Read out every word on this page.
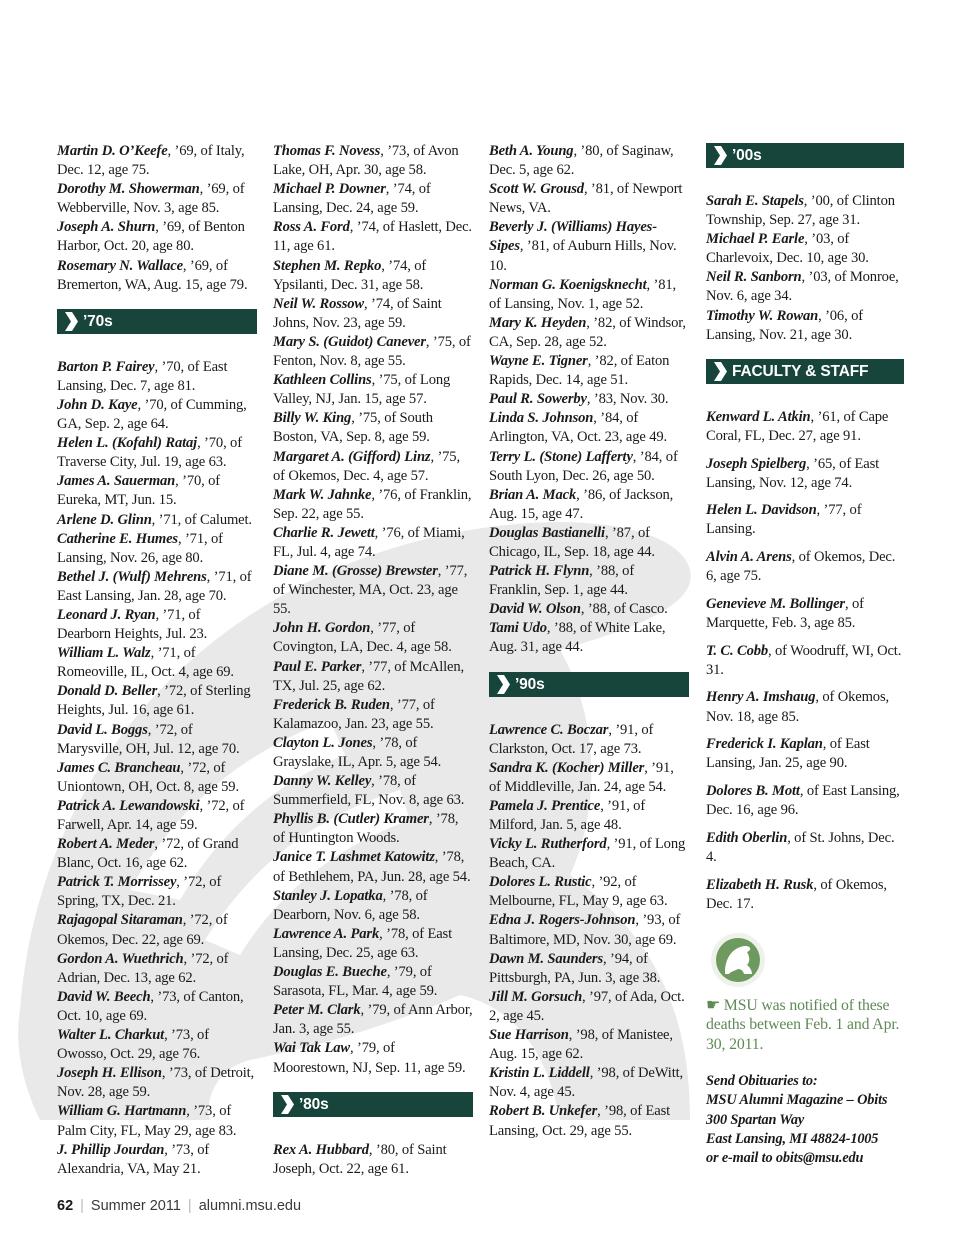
Martin D. O’Keefe, ’69, of Italy, Dec. 12, age 75.

Dorothy M. Showerman, ’69, of Webberville, Nov. 3, age 85.

Joseph A. Shurn, ’69, of Benton Harbor, Oct. 20, age 80.

Rosemary N. Wallace, ’69, of Bremerton, WA, Aug. 15, age 79.

’70s

Barton P. Fairey, ’70, of East Lansing, Dec. 7, age 81.

John D. Kaye, ’70, of Cumming, GA, Sep. 2, age 64.

Helen L. (Kofahl) Rataj, ’70, of Traverse City, Jul. 19, age 63.

James A. Sauerman, ’70, of Eureka, MT, Jun. 15.

Arlene D. Glinn, ’71, of Calumet.

Catherine E. Humes, ’71, of Lansing, Nov. 26, age 80.

Bethel J. (Wulf) Mehrens, ’71, of East Lansing, Jan. 28, age 70.

Leonard J. Ryan, ’71, of Dearborn Heights, Jul. 23.

William L. Walz, ’71, of Romeoville, IL, Oct. 4, age 69.

Donald D. Beller, ’72, of Sterling Heights, Jul. 16, age 61.

David L. Boggs, ’72, of Marysville, OH, Jul. 12, age 70.

James C. Brancheau, ’72, of Uniontown, OH, Oct. 8, age 59.

Patrick A. Lewandowski, ’72, of Farwell, Apr. 14, age 59.

Robert A. Meder, ’72, of Grand Blanc, Oct. 16, age 62.

Patrick T. Morrissey, ’72, of Spring, TX, Dec. 21.

Rajagopal Sitaraman, ’72, of Okemos, Dec. 22, age 69.

Gordon A. Wuethrich, ’72, of Adrian, Dec. 13, age 62.

David W. Beech, ’73, of Canton, Oct. 10, age 69.

Walter L. Charkut, ’73, of Owosso, Oct. 29, age 76.

Joseph H. Ellison, ’73, of Detroit, Nov. 28, age 59.

William G. Hartmann, ’73, of Palm City, FL, May 29, age 83.

J. Phillip Jourdan, ’73, of Alexandria, VA, May 21.

Thomas F. Novess, ’73, of Avon Lake, OH, Apr. 30, age 58.

Michael P. Downer, ’74, of Lansing, Dec. 24, age 59.

Ross A. Ford, ’74, of Haslett, Dec. 11, age 61.

Stephen M. Repko, ’74, of Ypsilanti, Dec. 31, age 58.

Neil W. Rossow, ’74, of Saint Johns, Nov. 23, age 59.

Mary S. (Guidot) Canever, ’75, of Fenton, Nov. 8, age 55.

Kathleen Collins, ’75, of Long Valley, NJ, Jan. 15, age 57.

Billy W. King, ’75, of South Boston, VA, Sep. 8, age 59.

Margaret A. (Gifford) Linz, ’75, of Okemos, Dec. 4, age 57.

Mark W. Jahnke, ’76, of Franklin, Sep. 22, age 55.

Charlie R. Jewett, ’76, of Miami, FL, Jul. 4, age 74.

Diane M. (Grosse) Brewster, ’77, of Winchester, MA, Oct. 23, age 55.

John H. Gordon, ’77, of Covington, LA, Dec. 4, age 58.

Paul E. Parker, ’77, of McAllen, TX, Jul. 25, age 62.

Frederick B. Ruden, ’77, of Kalamazoo, Jan. 23, age 55.

Clayton L. Jones, ’78, of Grayslake, IL, Apr. 5, age 54.

Danny W. Kelley, ’78, of Summerfield, FL, Nov. 8, age 63.

Phyllis B. (Cutler) Kramer, ’78, of Huntington Woods.

Janice T. Lashmet Katowitz, ’78, of Bethlehem, PA, Jun. 28, age 54.

Stanley J. Lopatka, ’78, of Dearborn, Nov. 6, age 58.

Lawrence A. Park, ’78, of East Lansing, Dec. 25, age 63.

Douglas E. Bueche, ’79, of Sarasota, FL, Mar. 4, age 59.

Peter M. Clark, ’79, of Ann Arbor, Jan. 3, age 55.

Wai Tak Law, ’79, of Moorestown, NJ, Sep. 11, age 59.

’80s

Rex A. Hubbard, ’80, of Saint Joseph, Oct. 22, age 61.

Beth A. Young, ’80, of Saginaw, Dec. 5, age 62.

Scott W. Grousd, ’81, of Newport News, VA.

Beverly J. (Williams) Hayes-Sipes, ’81, of Auburn Hills, Nov. 10.

Norman G. Koenigsknecht, ’81, of Lansing, Nov. 1, age 52.

Mary K. Heyden, ’82, of Windsor, CA, Sep. 28, age 52.

Wayne E. Tigner, ’82, of Eaton Rapids, Dec. 14, age 51.

Paul R. Sowerby, ’83, Nov. 30.

Linda S. Johnson, ’84, of Arlington, VA, Oct. 23, age 49.

Terry L. (Stone) Lafferty, ’84, of South Lyon, Dec. 26, age 50.

Brian A. Mack, ’86, of Jackson, Aug. 15, age 47.

Douglas Bastianelli, ’87, of Chicago, IL, Sep. 18, age 44.

Patrick H. Flynn, ’88, of Franklin, Sep. 1, age 44.

David W. Olson, ’88, of Casco.

Tami Udo, ’88, of White Lake, Aug. 31, age 44.

’90s

Lawrence C. Boczar, ’91, of Clarkston, Oct. 17, age 73.

Sandra K. (Kocher) Miller, ’91, of Middleville, Jan. 24, age 54.

Pamela J. Prentice, ’91, of Milford, Jan. 5, age 48.

Vicky L. Rutherford, ’91, of Long Beach, CA.

Dolores L. Rustic, ’92, of Melbourne, FL, May 9, age 63.

Edna J. Rogers-Johnson, ’93, of Baltimore, MD, Nov. 30, age 69.

Dawn M. Saunders, ’94, of Pittsburgh, PA, Jun. 3, age 38.

Jill M. Gorsuch, ’97, of Ada, Oct. 2, age 45.

Sue Harrison, ’98, of Manistee, Aug. 15, age 62.

Kristin L. Liddell, ’98, of DeWitt, Nov. 4, age 45.

Robert B. Unkefer, ’98, of East Lansing, Oct. 29, age 55.

’00s

Sarah E. Stapels, ’00, of Clinton Township, Sep. 27, age 31.

Michael P. Earle, ’03, of Charlevoix, Dec. 10, age 30.

Neil R. Sanborn, ’03, of Monroe, Nov. 6, age 34.

Timothy W. Rowan, ’06, of Lansing, Nov. 21, age 30.

FACULTY & STAFF

Kenward L. Atkin, ’61, of Cape Coral, FL, Dec. 27, age 91.

Joseph Spielberg, ’65, of East Lansing, Nov. 12, age 74.

Helen L. Davidson, ’77, of Lansing.

Alvin A. Arens, of Okemos, Dec. 6, age 75.

Genevieve M. Bollinger, of Marquette, Feb. 3, age 85.

T. C. Cobb, of Woodruff, WI, Oct. 31.

Henry A. Imshaug, of Okemos, Nov. 18, age 85.

Frederick I. Kaplan, of East Lansing, Jan. 25, age 90.

Dolores B. Mott, of East Lansing, Dec. 16, age 96.

Edith Oberlin, of St. Johns, Dec. 4.

Elizabeth H. Rusk, of Okemos, Dec. 17.

☛ MSU was notified of these deaths between Feb. 1 and Apr. 30, 2011.
Send Obituaries to:
MSU Alumni Magazine – Obits
300 Spartan Way
East Lansing, MI 48824-1005
or e-mail to obits@msu.edu
62 | Summer 2011 | alumni.msu.edu
